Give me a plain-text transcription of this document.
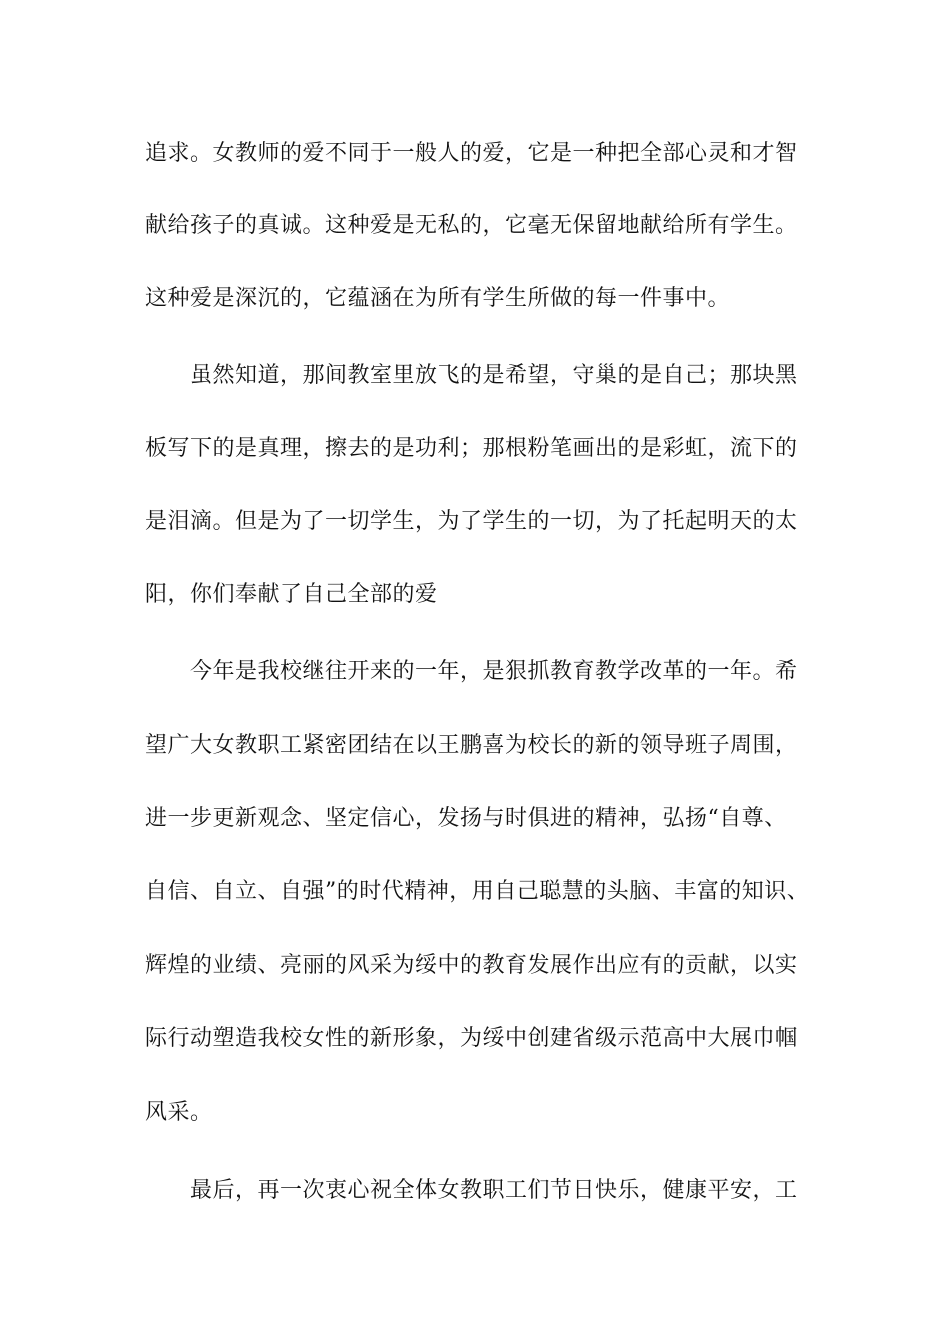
追求。女教师的爱不同于一般人的爱，它是一种把全部心灵和才智
献给孩子的真诚。这种爱是无私的，它毫无保留地献给所有学生。
这种爱是深沉的，它蕴涵在为所有学生所做的每一件事中。
虽然知道，那间教室里放飞的是希望，守巢的是自己；那块黑
板写下的是真理，擦去的是功利；那根粉笔画出的是彩虹，流下的
是泪滴。但是为了一切学生，为了学生的一切，为了托起明天的太
阳，你们奉献了自己全部的爱
今年是我校继往开来的一年，是狠抓教育教学改革的一年。希
望广大女教职工紧密团结在以王鹏喜为校长的新的领导班子周围，
进一步更新观念、坚定信心，发扬与时俱进的精神，弘扬“自尊、
自信、自立、自强”的时代精神，用自己聪慧的头脑、丰富的知识、
辉煌的业绩、亮丽的风采为绥中的教育发展作出应有的贡献，以实
际行动塑造我校女性的新形象，为绥中创建省级示范高中大展巾帼
风采。
最后，再一次衷心祝全体女教职工们节日快乐，健康平安，工
